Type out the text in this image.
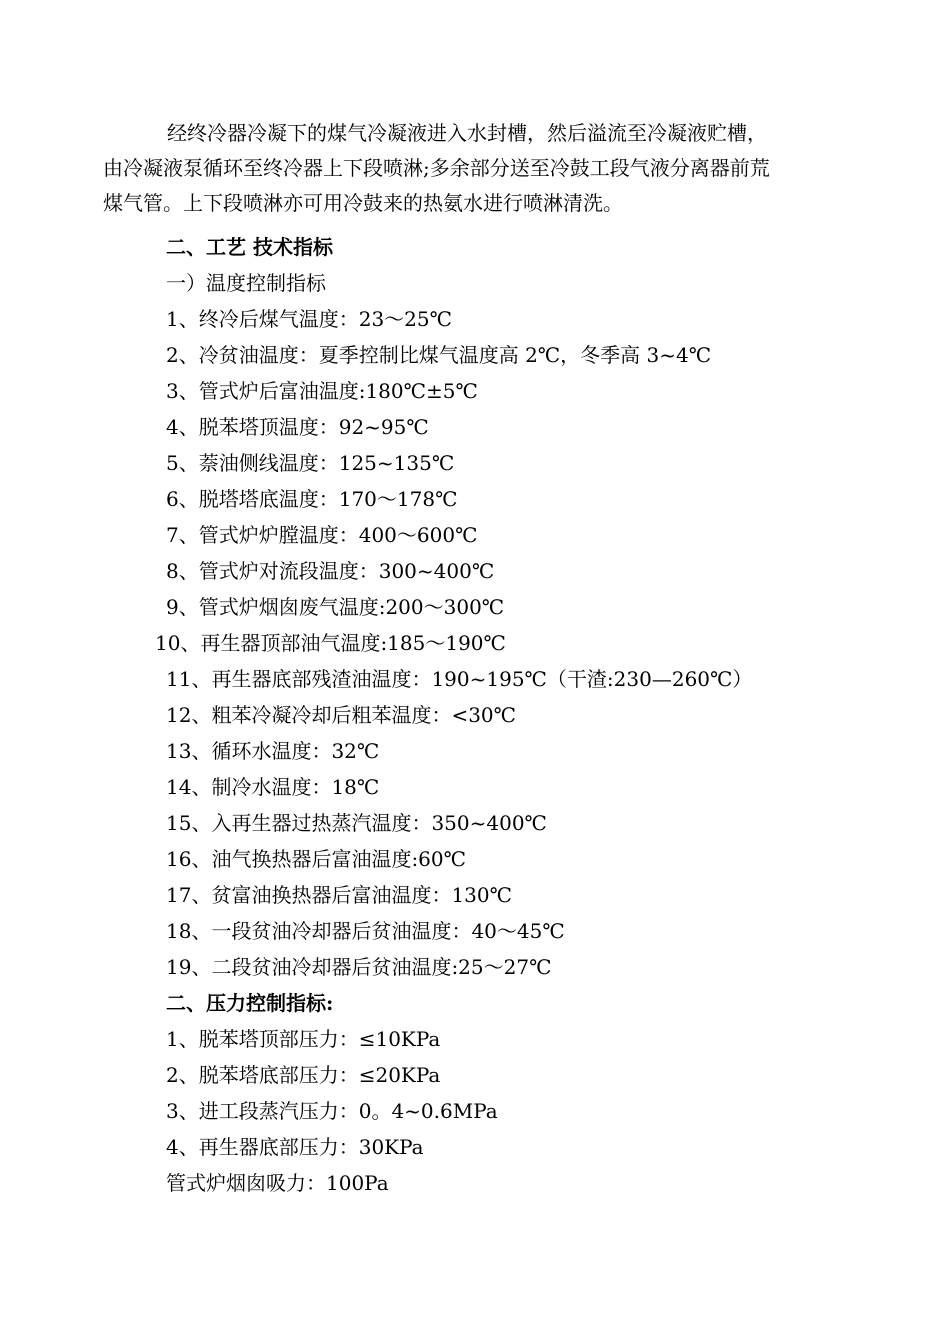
经终冷器冷凝下的煤气冷凝液进入水封槽，然后溢流至冷凝液贮槽，
由冷凝液泵循环至终冷器上下段喷淋;多余部分送至冷鼓工段气液分离器前荒
煤气管。上下段喷淋亦可用冷鼓来的热氨水进行喷淋清洗。
二、工艺 技术指标
一）温度控制指标
1、终冷后煤气温度：23～25℃
2、冷贫油温度：夏季控制比煤气温度高 2℃，冬季高 3~4℃
3、管式炉后富油温度:180℃±5℃
4、脱苯塔顶温度：92~95℃
5、萘油侧线温度：125~135℃
6、脱塔塔底温度：170～178℃
7、管式炉炉膛温度：400～600℃
8、管式炉对流段温度：300~400℃
9、管式炉烟囱废气温度:200～300℃
10、再生器顶部油气温度:185～190℃
11、再生器底部残渣油温度：190~195℃（干渣:230—260℃）
12、粗苯冷凝冷却后粗苯温度：<30℃
13、循环水温度：32℃
14、制冷水温度：18℃
15、入再生器过热蒸汽温度：350~400℃
16、油气换热器后富油温度:60℃
17、贫富油换热器后富油温度：130℃
18、一段贫油冷却器后贫油温度：40～45℃
19、二段贫油冷却器后贫油温度:25～27℃
二、压力控制指标:
1、脱苯塔顶部压力：≤10KPa
2、脱苯塔底部压力：≤20KPa
3、进工段蒸汽压力：0。4~0.6MPa
4、再生器底部压力：30KPa
管式炉烟囱吸力：100Pa
